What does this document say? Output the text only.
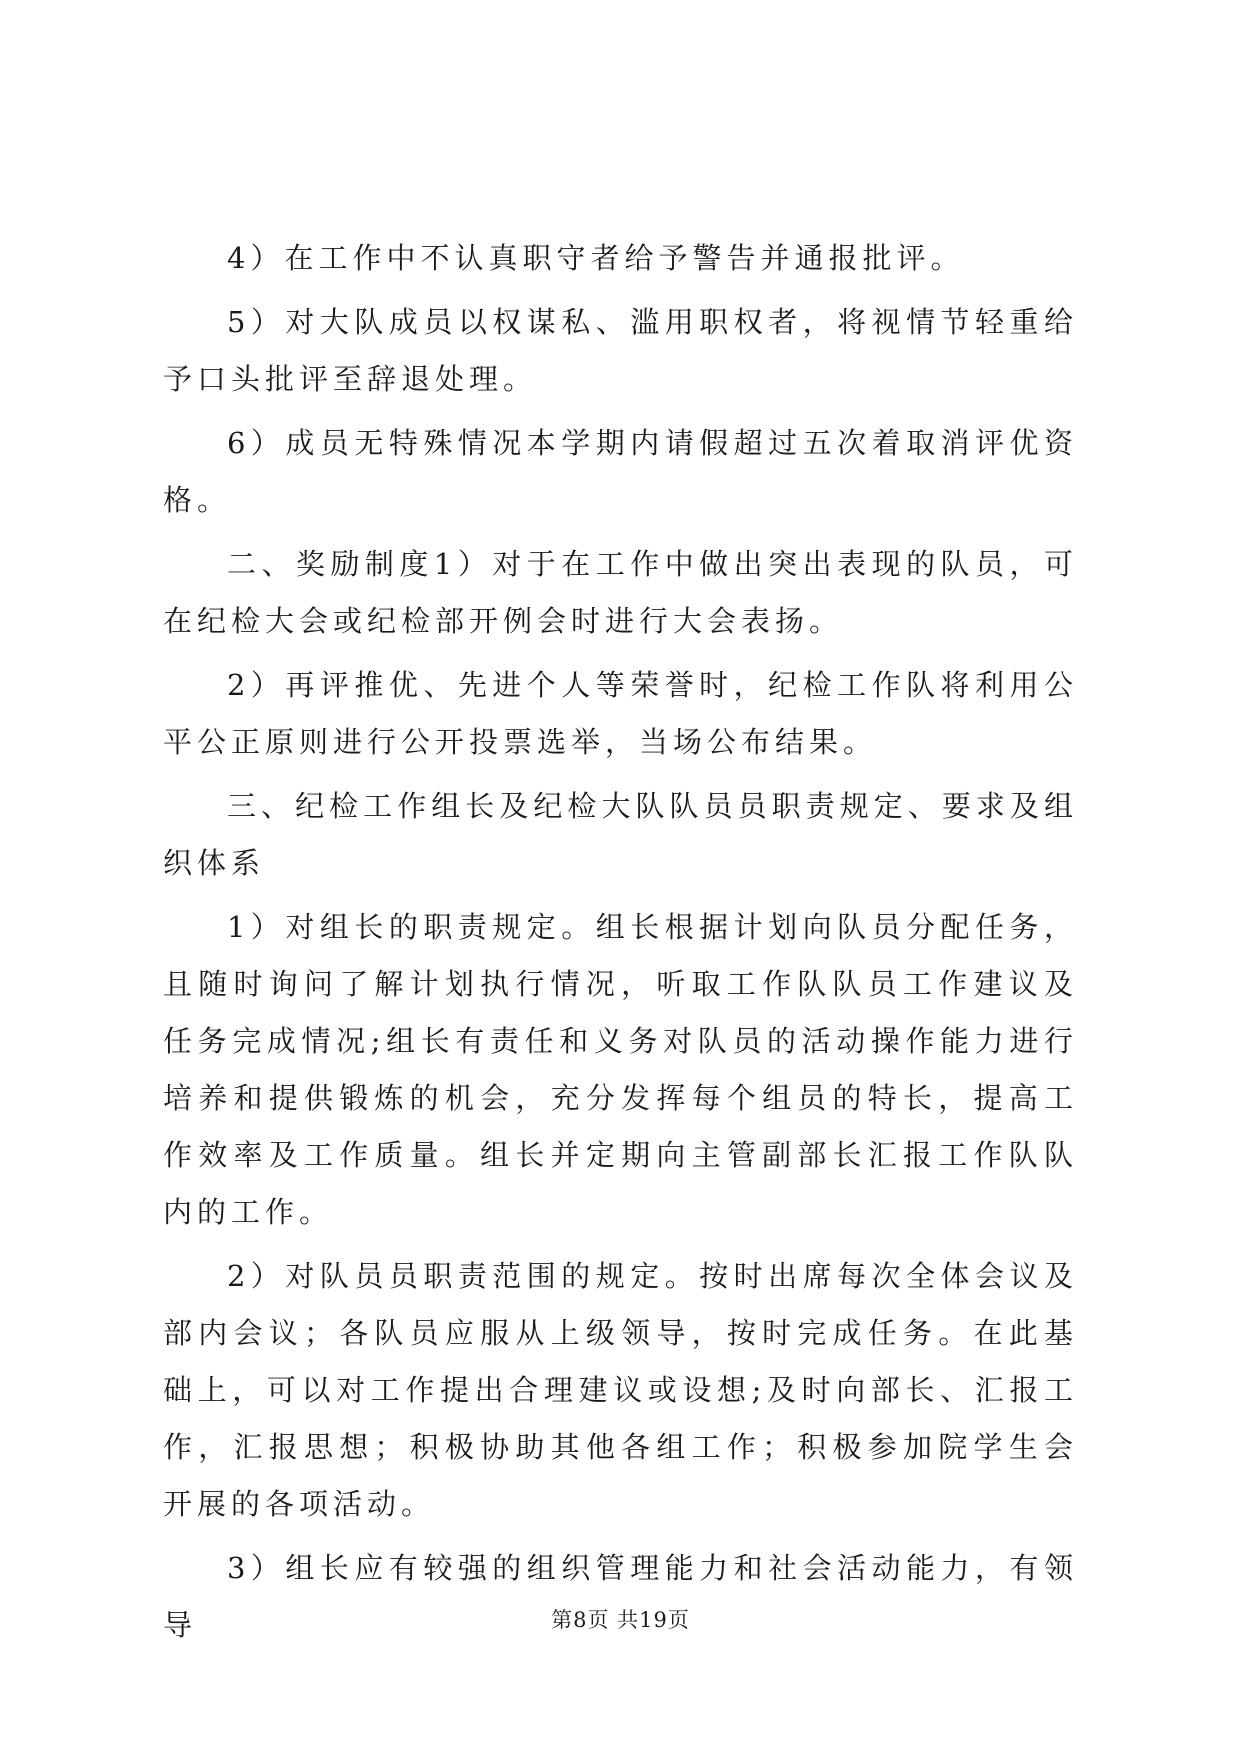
4）在工作中不认真职守者给予警告并通报批评。

5）对大队成员以权谋私、滥用职权者，将视情节轻重给予口头批评至辞退处理。

6）成员无特殊情况本学期内请假超过五次着取消评优资格。

二、奖励制度1）对于在工作中做出突出表现的队员，可在纪检大会或纪检部开例会时进行大会表扬。

2）再评推优、先进个人等荣誉时，纪检工作队将利用公平公正原则进行公开投票选举，当场公布结果。

三、纪检工作组长及纪检大队队员员职责规定、要求及组织体系

1）对组长的职责规定。组长根据计划向队员分配任务，且随时询问了解计划执行情况，听取工作队队员工作建议及任务完成情况;组长有责任和义务对队员的活动操作能力进行培养和提供锻炼的机会，充分发挥每个组员的特长，提高工作效率及工作质量。组长并定期向主管副部长汇报工作队队内的工作。

2）对队员员职责范围的规定。按时出席每次全体会议及部内会议；各队员应服从上级领导，按时完成任务。在此基础上，可以对工作提出合理建议或设想;及时向部长、汇报工作，汇报思想；积极协助其他各组工作；积极参加院学生会开展的各项活动。

3）组长应有较强的组织管理能力和社会活动能力，有领导	第8页 共19页
